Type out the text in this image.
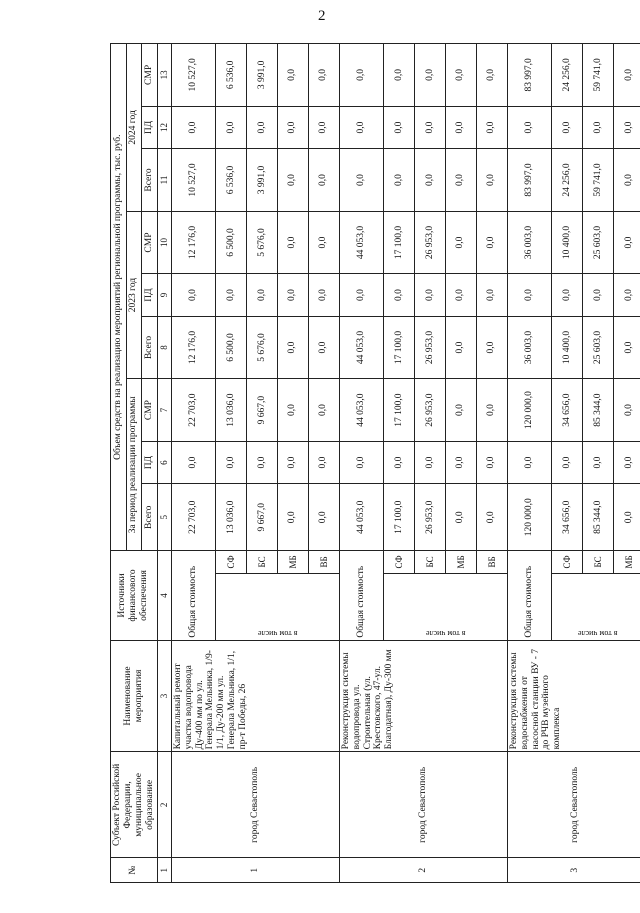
2
№	Субъект Российской Федерации, муниципальное образование	Наименование мероприятия	Источники финансового обеспечения		Объем средств на реализацию мероприятий региональной программы, тыс. руб.								
					За период реализации программы			2023 год			2024 год		
					Всего	ПД	СМР	Всего	ПД	СМР	Всего	ПД	СМР
1	2	3	4		5	6	7	8	9	10	11	12	13
1	город Севастополь	Капитальный ремонт участка водопровода Ду-400 мм по ул. Генерала Мельника, 1/9-1/1, Ду-200 мм ул. Генерала Мельника, 1/1, пр-т Победы, 26	Общая стоимость		22 703,0	0,0	22 703,0	12 176,0	0,0	12 176,0	10 527,0	0,0	10 527,0

			в том числе	СФ	13 036,0	0,0	13 036,0	6 500,0	0,0	6 500,0	6 536,0	0,0	6 536,0
				БС	9 667,0	0,0	9 667,0	5 676,0	0,0	5 676,0	3 991,0	0,0	3 991,0
				МБ	0,0	0,0	0,0	0,0	0,0	0,0	0,0	0,0	0,0
				ВБ	0,0	0,0	0,0	0,0	0,0	0,0	0,0	0,0	0,0
2	город Севастополь	Реконструкция системы водопровода ул. Строительная (ул. Крестовского, 47-ул. Благодатная), Ду-300 мм	Общая стоимость		44 053,0	0,0	44 053,0	44 053,0	0,0	44 053,0	0,0	0,0	0,0

			в том числе	СФ	17 100,0	0,0	17 100,0	17 100,0	0,0	17 100,0	0,0	0,0	0,0
				БС	26 953,0	0,0	26 953,0	26 953,0	0,0	26 953,0	0,0	0,0	0,0
				МБ	0,0	0,0	0,0	0,0	0,0	0,0	0,0	0,0	0,0
				ВБ	0,0	0,0	0,0	0,0	0,0	0,0	0,0	0,0	0,0
3	город Севастополь	Реконструкция системы водоснабжения от насосной станции ВУ - 7 до РЧВ музейного комплекса	Общая стоимость		120 000,0	0,0	120 000,0	36 003,0	0,0	36 003,0	83 997,0	0,0	83 997,0

			в том числе	СФ	34 656,0	0,0	34 656,0	10 400,0	0,0	10 400,0	24 256,0	0,0	24 256,0
				БС	85 344,0	0,0	85 344,0	25 603,0	0,0	25 603,0	59 741,0	0,0	59 741,0
				МБ	0,0	0,0	0,0	0,0	0,0	0,0	0,0	0,0	0,0
